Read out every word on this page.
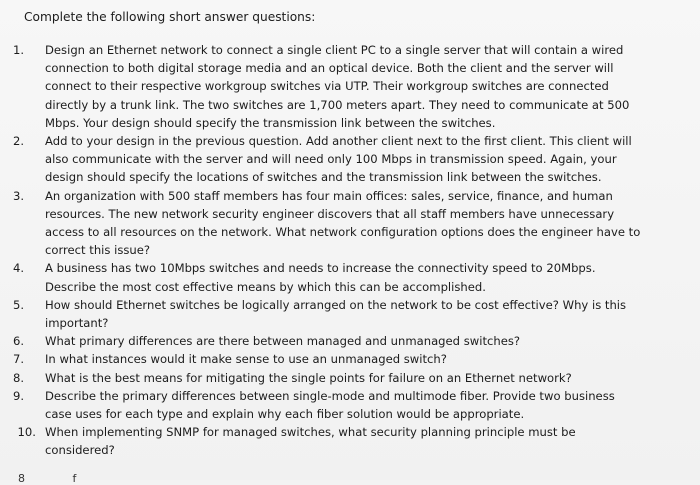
Complete the following short answer questions:
1. Design an Ethernet network to connect a single client PC to a single server that will contain a wired connection to both digital storage media and an optical device. Both the client and the server will connect to their respective workgroup switches via UTP. Their workgroup switches are connected directly by a trunk link. The two switches are 1,700 meters apart. They need to communicate at 500 Mbps. Your design should specify the transmission link between the switches.
2. Add to your design in the previous question. Add another client next to the first client. This client will also communicate with the server and will need only 100 Mbps in transmission speed. Again, your design should specify the locations of switches and the transmission link between the switches.
3. An organization with 500 staff members has four main offices: sales, service, finance, and human resources. The new network security engineer discovers that all staff members have unnecessary access to all resources on the network. What network configuration options does the engineer have to correct this issue?
4. A business has two 10Mbps switches and needs to increase the connectivity speed to 20Mbps. Describe the most cost effective means by which this can be accomplished.
5. How should Ethernet switches be logically arranged on the network to be cost effective? Why is this important?
6. What primary differences are there between managed and unmanaged switches?
7. In what instances would it make sense to use an unmanaged switch?
8. What is the best means for mitigating the single points for failure on an Ethernet network?
9. Describe the primary differences between single-mode and multimode fiber. Provide two business case uses for each type and explain why each fiber solution would be appropriate.
10. When implementing SNMP for managed switches, what security planning principle must be considered?
8 f
